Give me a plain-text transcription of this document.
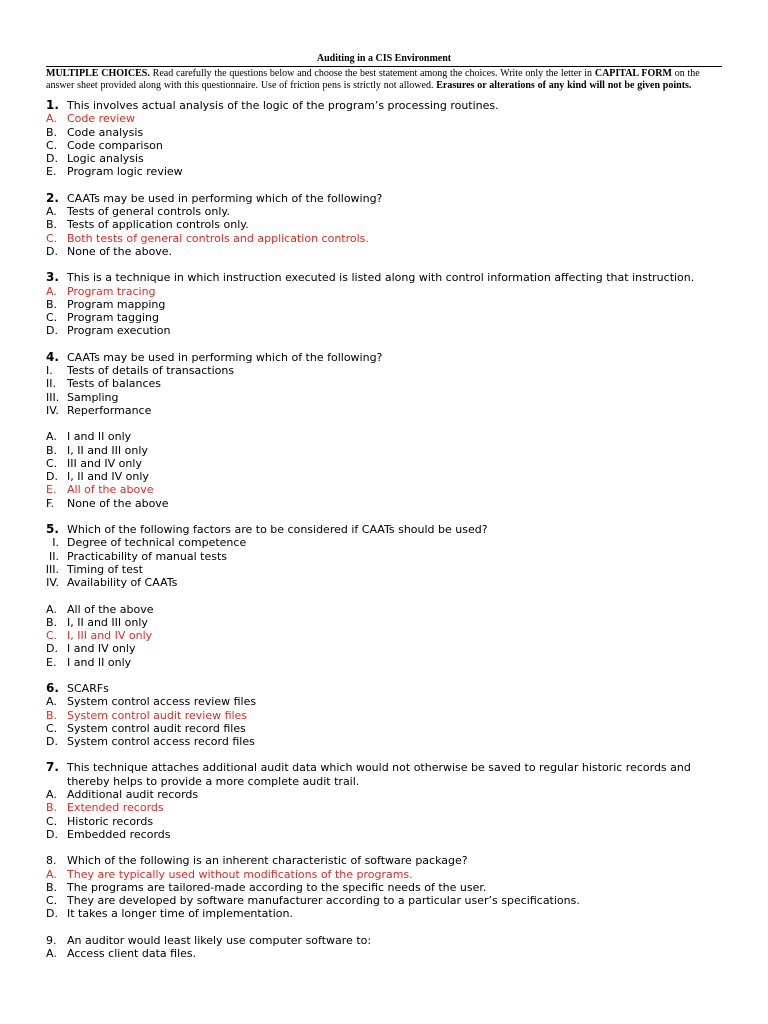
Auditing in a CIS Environment

MULTIPLE CHOICES. Read carefully the questions below and choose the best statement among the choices. Write only the letter in CAPITAL FORM on the answer sheet provided along with this questionnaire. Use of friction pens is strictly not allowed. Erasures or alterations of any kind will not be given points.

1. This involves actual analysis of the logic of the program’s processing routines.
A. Code review
B. Code analysis
C. Code comparison
D. Logic analysis
E. Program logic review
2. CAATs may be used in performing which of the following?
A. Tests of general controls only.
B. Tests of application controls only.
C. Both tests of general controls and application controls.
D. None of the above.
3. This is a technique in which instruction executed is listed along with control information affecting that instruction.
A. Program tracing
B. Program mapping
C. Program tagging
D. Program execution
4. CAATs may be used in performing which of the following?
I.	Tests of details of transactions
II.	Tests of balances
III. Sampling
IV. Reperformance
A. I and II only
B. I, II and III only
C. III and IV only
D. I, II and IV only
E. All of the above
F.	None of the above
5. Which of the following factors are to be considered if CAATs should be used?
I. Degree of technical competence
II. Practicability of manual tests
III. Timing of test
IV. Availability of CAATs
A. All of the above
B. I, II and III only
C. I, III and IV only
D. I and IV only
E. I and II only
6. SCARFs
A. System control access review files
B. System control audit review files
C. System control audit record files
D. System control access record files
7. This technique attaches additional audit data which would not otherwise be saved to regular historic records and thereby helps to provide a more complete audit trail.
A. Additional audit records
B. Extended records
C. Historic records
D. Embedded records
8. Which of the following is an inherent characteristic of software package?
A. They are typically used without modifications of the programs.
B. The programs are tailored-made according to the specific needs of the user.
C. They are developed by software manufacturer according to a particular user’s specifications.
D. It takes a longer time of implementation.
9. An auditor would least likely use computer software to:
A. Access client data files.
